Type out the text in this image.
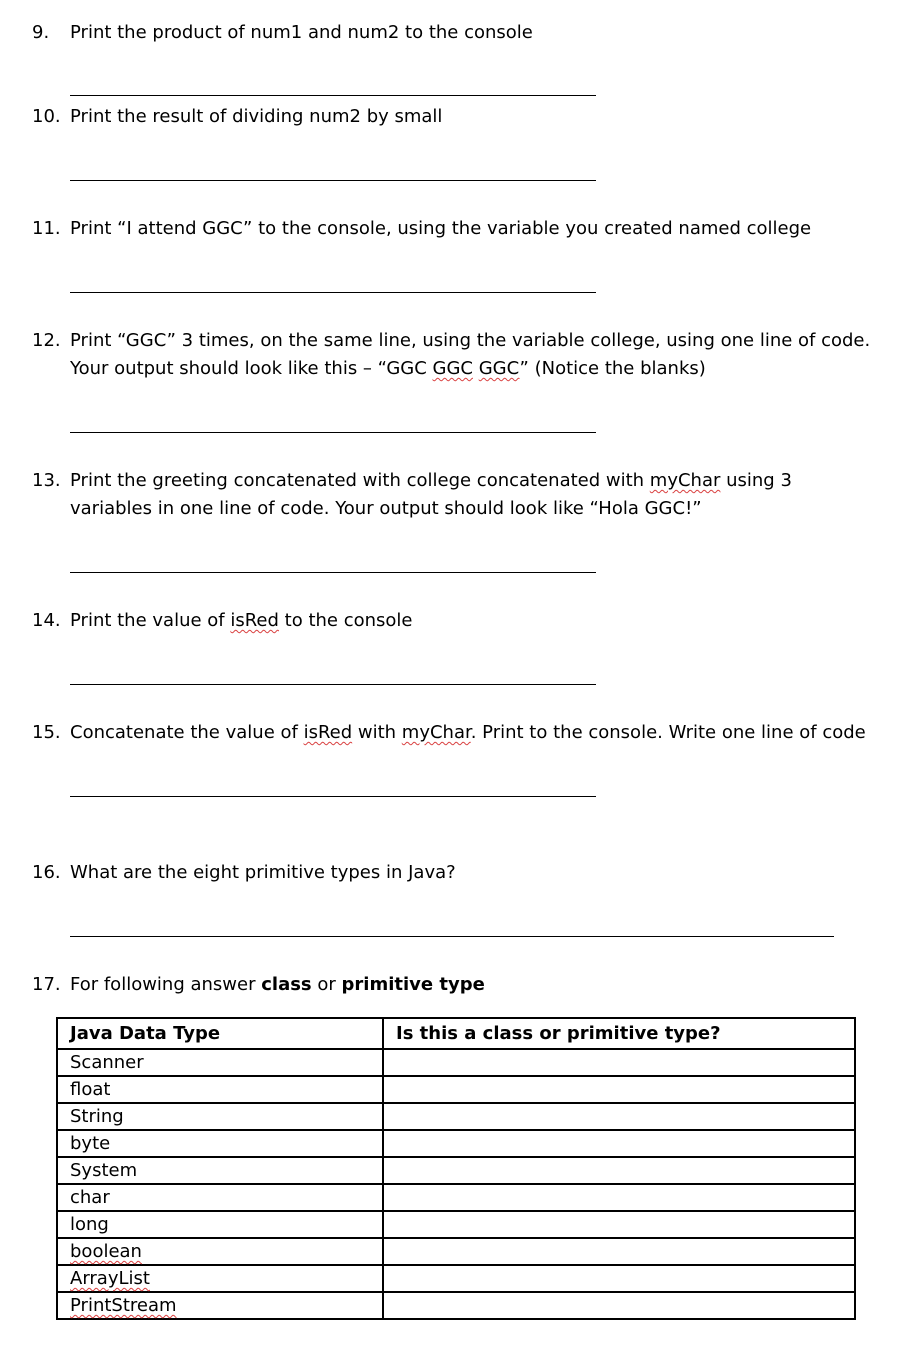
9. Print the product of num1 and num2 to the console
10. Print the result of dividing num2 by small
11. Print “I attend GGC” to the console, using the variable you created named college
12. Print “GGC” 3 times, on the same line, using the variable college, using one line of code.
Your output should look like this – “GGC GGC GGC” (Notice the blanks)
13. Print the greeting concatenated with college concatenated with myChar using 3
variables in one line of code. Your output should look like “Hola GGC!”
14. Print the value of isRed to the console
15. Concatenate the value of isRed with myChar. Print to the console. Write one line of code
16. What are the eight primitive types in Java?
17. For following answer class or primitive type
Java Data Type	Is this a class or primitive type?
Scanner	
float	
String	
byte	
System	
char	
long	
boolean	
ArrayList	
PrintStream	
